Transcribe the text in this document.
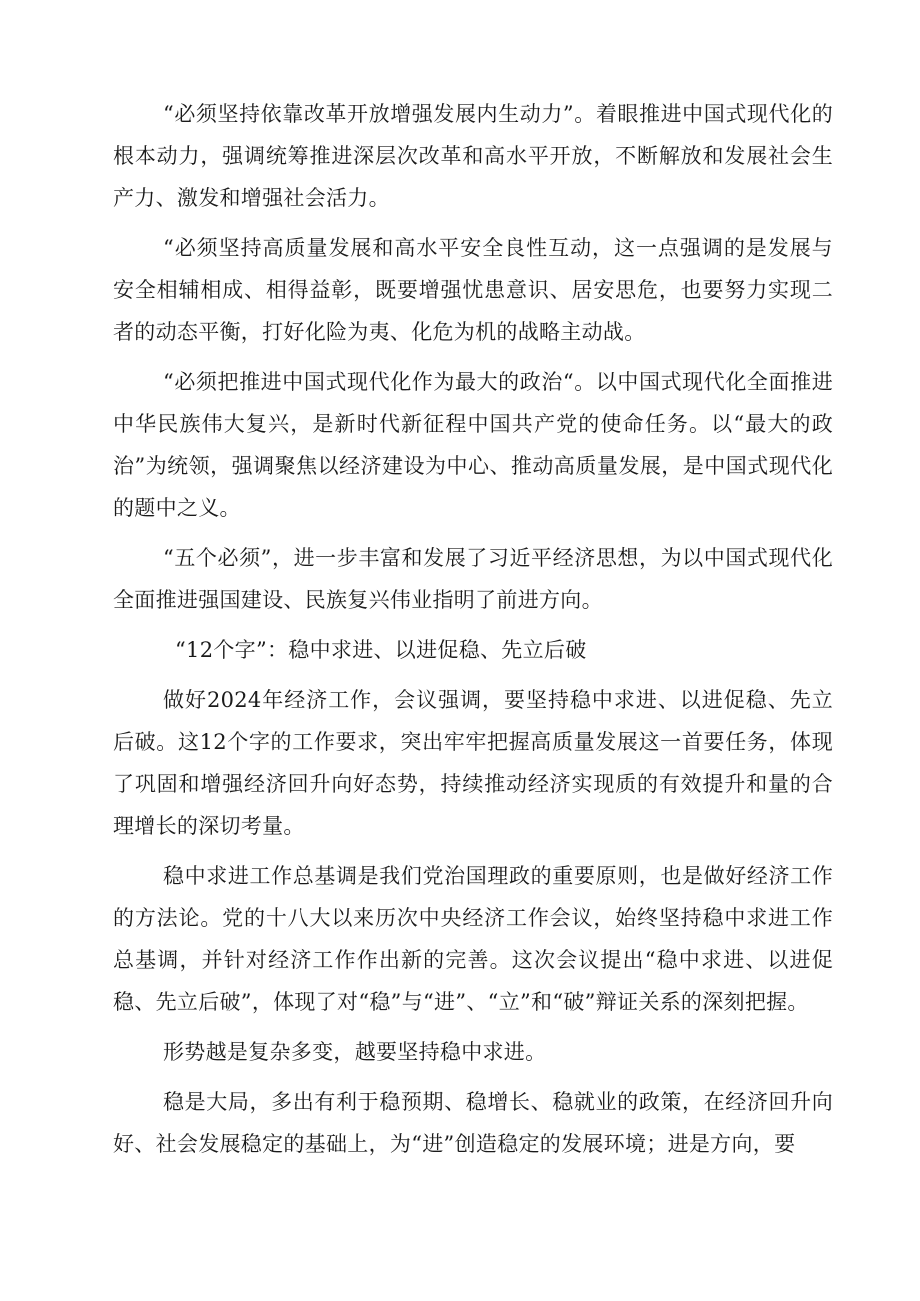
“必须坚持依靠改革开放增强发展内生动力”。着眼推进中国式现代化的根本动力，强调统筹推进深层次改革和高水平开放，不断解放和发展社会生产力、激发和增强社会活力。

“必须坚持高质量发展和高水平安全良性互动，这一点强调的是发展与安全相辅相成、相得益彰，既要增强忧患意识、居安思危，也要努力实现二者的动态平衡，打好化险为夷、化危为机的战略主动战。

“必须把推进中国式现代化作为最大的政治“。以中国式现代化全面推进中华民族伟大复兴，是新时代新征程中国共产党的使命任务。以“最大的政治”为统领，强调聚焦以经济建设为中心、推动高质量发展，是中国式现代化的题中之义。

“五个必须”，进一步丰富和发展了习近平经济思想，为以中国式现代化全面推进强国建设、民族复兴伟业指明了前进方向。

“12个字”：稳中求进、以进促稳、先立后破

做好2024年经济工作，会议强调，要坚持稳中求进、以进促稳、先立后破。这12个字的工作要求，突出牢牢把握高质量发展这一首要任务，体现了巩固和增强经济回升向好态势，持续推动经济实现质的有效提升和量的合理增长的深切考量。

稳中求进工作总基调是我们党治国理政的重要原则，也是做好经济工作的方法论。党的十八大以来历次中央经济工作会议，始终坚持稳中求进工作总基调，并针对经济工作作出新的完善。这次会议提出“稳中求进、以进促稳、先立后破”，体现了对“稳”与“进”、“立”和“破”辩证关系的深刻把握。

形势越是复杂多变，越要坚持稳中求进。

稳是大局，多出有利于稳预期、稳增长、稳就业的政策，在经济回升向好、社会发展稳定的基础上，为“进”创造稳定的发展环境；进是方向，要
